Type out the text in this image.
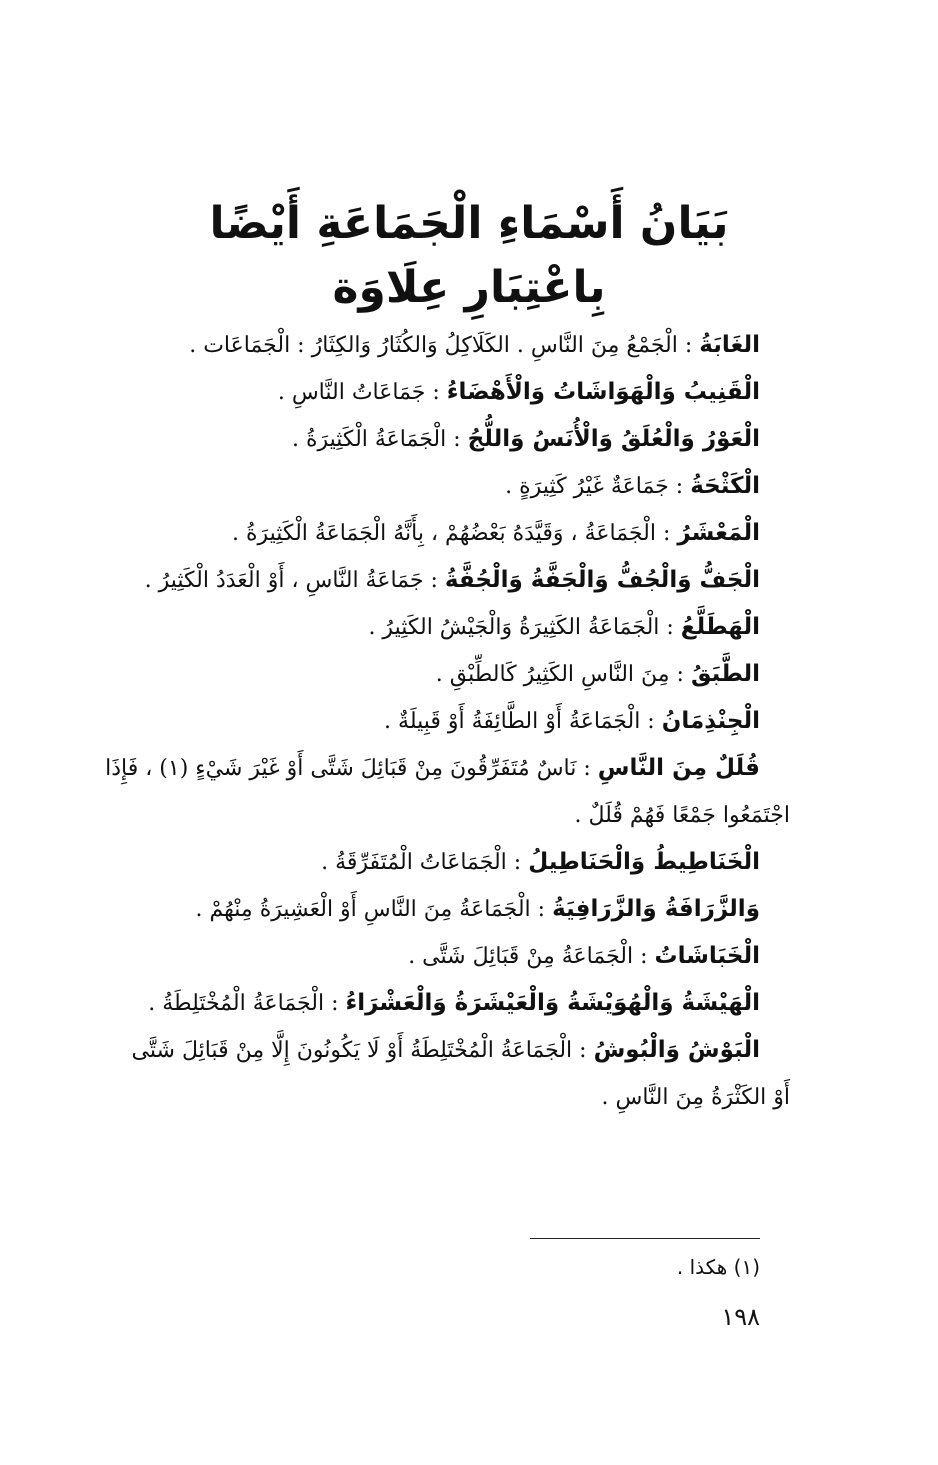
بَيَانُ أَسْمَاءِ الْجَمَاعَةِ أَيْضًا
بِاعْتِبَارِ عِلَاوَة
الغَابَةُ : الْجَمْعُ مِنَ النَّاسِ . الكَلَاكِلُ وَالكُثَارُ وَالكِثَارُ : الْجَمَاعَات .
الْقَنِيبُ وَالْهَوَاشَاتُ وَالْأَهْضَاءُ : جَمَاعَاتُ النَّاسِ .
الْعَوْرُ وَالْعُلَقُ وَالْأُنَسُ وَاللُّجُ : الْجَمَاعَةُ الْكَثِيرَةُ .
الْكَثْحَةُ : جَمَاعَةٌ غَيْرُ كَثِيرَةٍ .
الْمَعْشَرُ : الْجَمَاعَةُ ، وَقَيَّدَهُ بَعْضُهُمْ ، بِأَنَّهُ الْجَمَاعَةُ الْكَثِيرَةُ .
الْجَفُّ وَالْجُفُّ وَالْجَفَّةُ وَالْجُفَّةُ : جَمَاعَةُ النَّاسِ ، أَوْ الْعَدَدُ الْكَثِيرُ .
الْهَطَلَّعُ : الْجَمَاعَةُ الكَثِيرَةُ وَالْجَيْشُ الكَثِيرُ .
الطَّبَقُ : مِنَ النَّاسِ الكَثِيرُ كَالطِّبْقِ .
الْجِنْذِمَانُ : الْجَمَاعَةُ أَوْ الطَّائِفَةُ أَوْ قَبِيلَةٌ .
قُلَلٌ مِنَ النَّاسِ : نَاسٌ مُتَفَرِّقُونَ مِنْ قَبَائِلَ شَتَّى أَوْ غَيْرَ شَيْءٍ (١) ، فَإِذَا
اجْتَمَعُوا جَمْعًا فَهُمْ قُلَلٌ .
الْخَنَاطِيطُ وَالْحَنَاطِيلُ : الْجَمَاعَاتُ الْمُتَفَرِّقَةُ .
وَالزَّرَافَةُ وَالزَّرَافِيَةُ : الْجَمَاعَةُ مِنَ النَّاسِ أَوْ الْعَشِيرَةُ مِنْهُمْ .
الْخَبَاشَاتُ : الْجَمَاعَةُ مِنْ قَبَائِلَ شَتَّى .
الْهَيْشَةُ وَالْهُوَيْشَةُ وَالْعَيْشَرَةُ وَالْعَشْرَاءُ : الْجَمَاعَةُ الْمُخْتَلِطَةُ .
الْبَوْشُ وَالْبُوشُ : الْجَمَاعَةُ الْمُخْتَلِطَةُ أَوْ لَا يَكُونُونَ إِلَّا مِنْ قَبَائِلَ شَتَّى
أَوْ الكَثْرَةُ مِنَ النَّاسِ .
(١) هكذا .
١٩٨
